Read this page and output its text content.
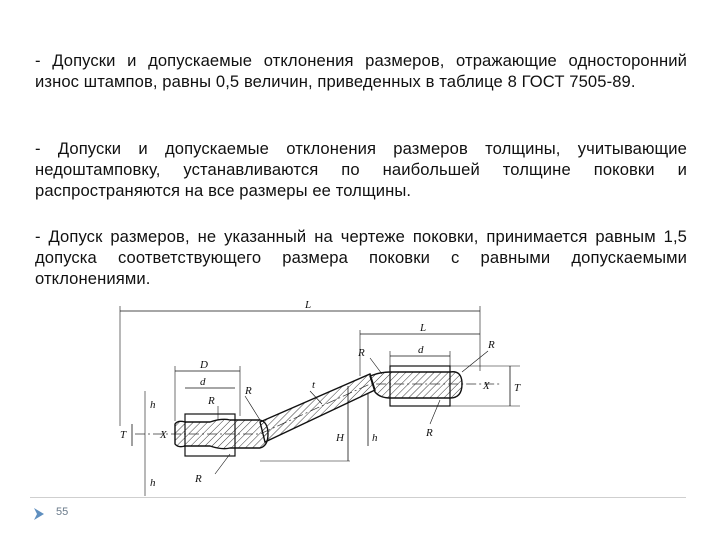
- Допуски и допускаемые отклонения размеров, отражающие односторонний износ штампов, равны 0,5 величин, приведенных в таблице 8 ГОСТ 7505-89.

- Допуски и допускаемые отклонения размеров толщины, учитывающие недоштамповку, устанавливаются по наибольшей толщине поковки и распространяются на все размеры ее толщины.

- Допуск размеров, не указанный на чертеже поковки, принимается равным 1,5 допуска соответствующего размера поковки с равными допускаемыми отклонениями.

L
L
d
D
d
R
R
R
R
R
R
t
T
h
h
X	H	h
T
X
55
